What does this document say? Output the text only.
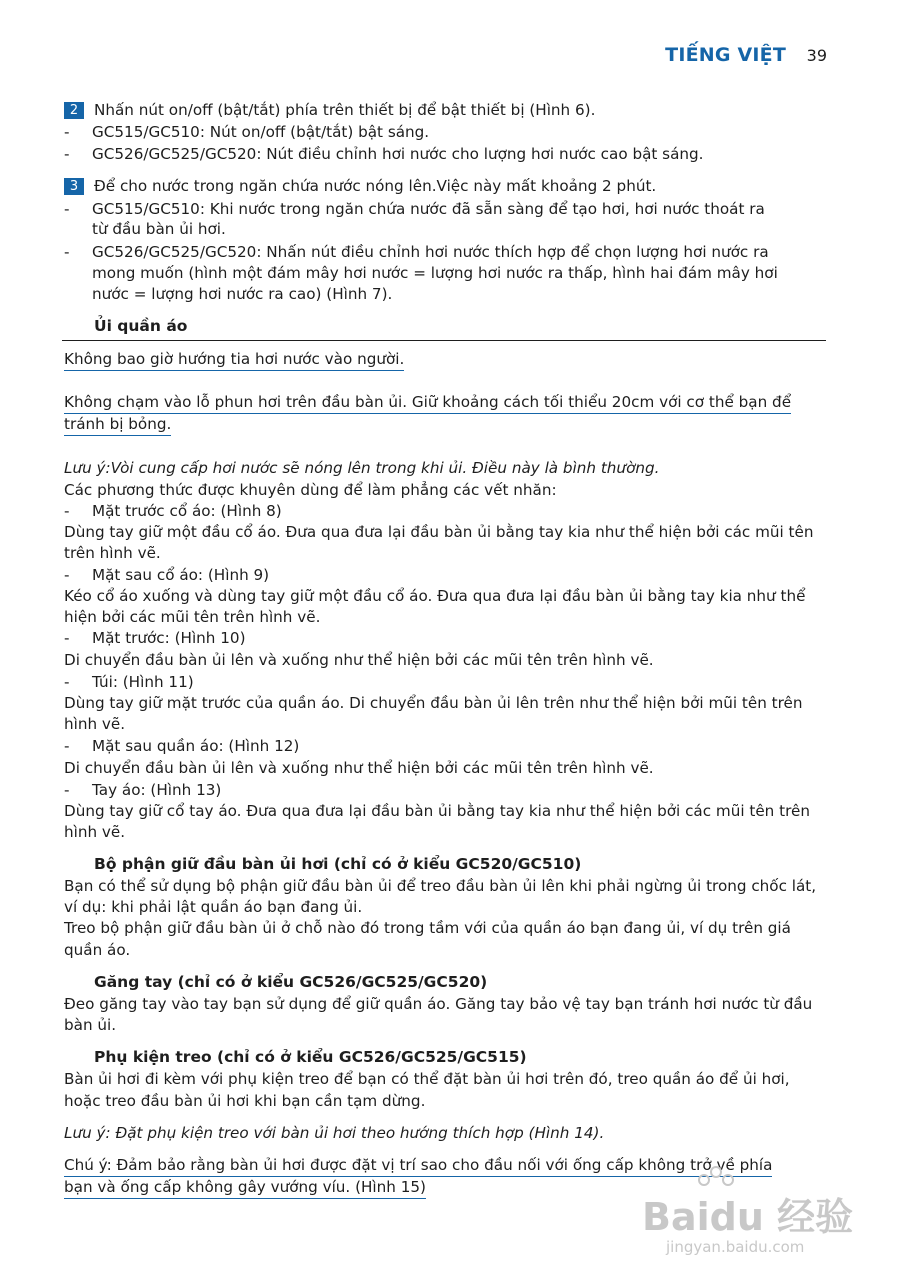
TIẾNG VIỆT 39
2 Nhấn nút on/off (bật/tắt) phía trên thiết bị để bật thiết bị (Hình 6).
- GC515/GC510: Nút on/off (bật/tắt) bật sáng.
- GC526/GC525/GC520: Nút điều chỉnh hơi nước cho lượng hơi nước cao bật sáng.
3 Để cho nước trong ngăn chứa nước nóng lên.Việc này mất khoảng 2 phút.
- GC515/GC510: Khi nước trong ngăn chứa nước đã sẵn sàng để tạo hơi, hơi nước thoát ra
từ đầu bàn ủi hơi.
- GC526/GC525/GC520: Nhấn nút điều chỉnh hơi nước thích hợp để chọn lượng hơi nước ra
mong muốn (hình một đám mây hơi nước = lượng hơi nước ra thấp, hình hai đám mây hơi
nước = lượng hơi nước ra cao) (Hình 7).
Ủi quần áo
Không bao giờ hướng tia hơi nước vào người.
Không chạm vào lỗ phun hơi trên đầu bàn ủi. Giữ khoảng cách tối thiểu 20cm với cơ thể bạn để
tránh bị bỏng.
Lưu ý:Vòi cung cấp hơi nước sẽ nóng lên trong khi ủi. Điều này là bình thường.
Các phương thức được khuyên dùng để làm phẳng các vết nhăn:
- Mặt trước cổ áo: (Hình 8)
Dùng tay giữ một đầu cổ áo. Đưa qua đưa lại đầu bàn ủi bằng tay kia như thể hiện bởi các mũi tên
trên hình vẽ.
- Mặt sau cổ áo: (Hình 9)
Kéo cổ áo xuống và dùng tay giữ một đầu cổ áo. Đưa qua đưa lại đầu bàn ủi bằng tay kia như thể
hiện bởi các mũi tên trên hình vẽ.
- Mặt trước: (Hình 10)
Di chuyển đầu bàn ủi lên và xuống như thể hiện bởi các mũi tên trên hình vẽ.
- Túi: (Hình 11)
Dùng tay giữ mặt trước của quần áo. Di chuyển đầu bàn ủi lên trên như thể hiện bởi mũi tên trên
hình vẽ.
- Mặt sau quần áo: (Hình 12)
Di chuyển đầu bàn ủi lên và xuống như thể hiện bởi các mũi tên trên hình vẽ.
- Tay áo: (Hình 13)
Dùng tay giữ cổ tay áo. Đưa qua đưa lại đầu bàn ủi bằng tay kia như thể hiện bởi các mũi tên trên
hình vẽ.
Bộ phận giữ đầu bàn ủi hơi (chỉ có ở kiểu GC520/GC510)
Bạn có thể sử dụng bộ phận giữ đầu bàn ủi để treo đầu bàn ủi lên khi phải ngừng ủi trong chốc lát,
ví dụ: khi phải lật quần áo bạn đang ủi.
Treo bộ phận giữ đầu bàn ủi ở chỗ nào đó trong tầm với của quần áo bạn đang ủi, ví dụ trên giá
quần áo.
Găng tay (chỉ có ở kiểu GC526/GC525/GC520)
Đeo găng tay vào tay bạn sử dụng để giữ quần áo. Găng tay bảo vệ tay bạn tránh hơi nước từ đầu
bàn ủi.
Phụ kiện treo (chỉ có ở kiểu GC526/GC525/GC515)
Bàn ủi hơi đi kèm với phụ kiện treo để bạn có thể đặt bàn ủi hơi trên đó, treo quần áo để ủi hơi,
hoặc treo đầu bàn ủi hơi khi bạn cần tạm dừng.
Lưu ý: Đặt phụ kiện treo với bàn ủi hơi theo hướng thích hợp (Hình 14).
Chú ý: Đảm bảo rằng bàn ủi hơi được đặt vị trí sao cho đầu nối với ống cấp không trở về phía
bạn và ống cấp không gây vướng víu. (Hình 15)
Baidu 经验
jingyan.baidu.com
